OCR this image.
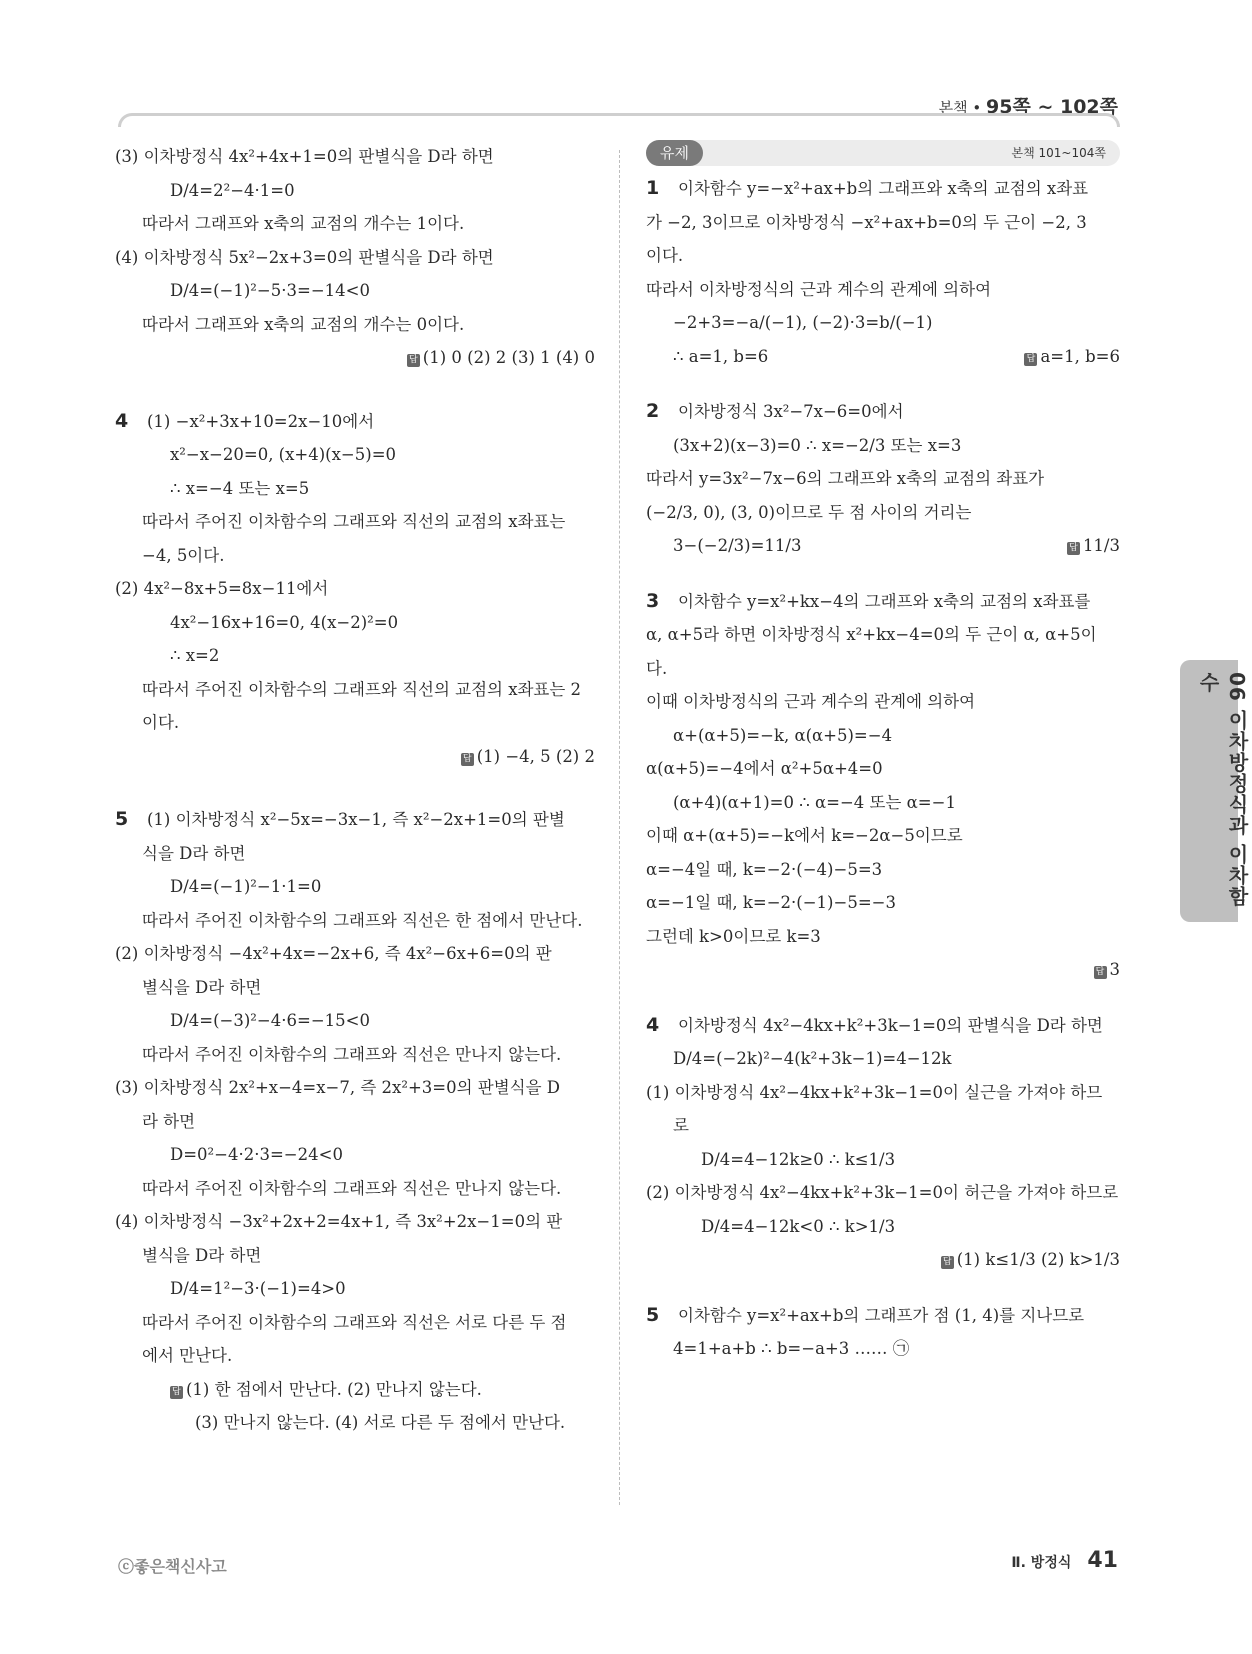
본책 • 95쪽 ~ 102쪽
(3) 이차방정식 4x²+4x+1=0의 판별식을 D라 하면
D/4=2²−4·1=0
따라서 그래프와 x축의 교점의 개수는 1이다.
(4) 이차방정식 5x²−2x+3=0의 판별식을 D라 하면
D/4=(−1)²−5·3=−14<0
따라서 그래프와 x축의 교점의 개수는 0이다.
답 (1) 0 (2) 2 (3) 1 (4) 0
4 (1) −x²+3x+10=2x−10에서
x²−x−20=0, (x+4)(x−5)=0
∴ x=−4 또는 x=5
따라서 주어진 이차함수의 그래프와 직선의 교점의 x좌표는
−4, 5이다.
(2) 4x²−8x+5=8x−11에서
4x²−16x+16=0, 4(x−2)²=0
∴ x=2
따라서 주어진 이차함수의 그래프와 직선의 교점의 x좌표는 2
이다.
답 (1) −4, 5 (2) 2
5 (1) 이차방정식 x²−5x=−3x−1, 즉 x²−2x+1=0의 판별
식을 D라 하면
D/4=(−1)²−1·1=0
따라서 주어진 이차함수의 그래프와 직선은 한 점에서 만난다.
(2) 이차방정식 −4x²+4x=−2x+6, 즉 4x²−6x+6=0의 판
별식을 D라 하면
D/4=(−3)²−4·6=−15<0
따라서 주어진 이차함수의 그래프와 직선은 만나지 않는다.
(3) 이차방정식 2x²+x−4=x−7, 즉 2x²+3=0의 판별식을 D
라 하면
D=0²−4·2·3=−24<0
따라서 주어진 이차함수의 그래프와 직선은 만나지 않는다.
(4) 이차방정식 −3x²+2x+2=4x+1, 즉 3x²+2x−1=0의 판
별식을 D라 하면
D/4=1²−3·(−1)=4>0
따라서 주어진 이차함수의 그래프와 직선은 서로 다른 두 점
에서 만난다.
답 (1) 한 점에서 만난다. (2) 만나지 않는다.
(3) 만나지 않는다. (4) 서로 다른 두 점에서 만난다.
유제	본책 101~104쪽
1 이차함수 y=−x²+ax+b의 그래프와 x축의 교점의 x좌표
가 −2, 3이므로 이차방정식 −x²+ax+b=0의 두 근이 −2, 3
이다.
따라서 이차방정식의 근과 계수의 관계에 의하여
−2+3=−a/(−1), (−2)·3=b/(−1)
∴ a=1, b=6	답 a=1, b=6
2 이차방정식 3x²−7x−6=0에서
(3x+2)(x−3)=0 ∴ x=−2/3 또는 x=3
따라서 y=3x²−7x−6의 그래프와 x축의 교점의 좌표가
(−2/3, 0), (3, 0)이므로 두 점 사이의 거리는
3−(−2/3)=11/3	답 11/3
3 이차함수 y=x²+kx−4의 그래프와 x축의 교점의 x좌표를
α, α+5라 하면 이차방정식 x²+kx−4=0의 두 근이 α, α+5이
다.
이때 이차방정식의 근과 계수의 관계에 의하여
α+(α+5)=−k, α(α+5)=−4
α(α+5)=−4에서 α²+5α+4=0
(α+4)(α+1)=0 ∴ α=−4 또는 α=−1
이때 α+(α+5)=−k에서 k=−2α−5이므로
α=−4일 때, k=−2·(−4)−5=3
α=−1일 때, k=−2·(−1)−5=−3
그런데 k>0이므로 k=3
답 3
4 이차방정식 4x²−4kx+k²+3k−1=0의 판별식을 D라 하면
D/4=(−2k)²−4(k²+3k−1)=4−12k
(1) 이차방정식 4x²−4kx+k²+3k−1=0이 실근을 가져야 하므
로
D/4=4−12k≥0 ∴ k≤1/3
(2) 이차방정식 4x²−4kx+k²+3k−1=0이 허근을 가져야 하므로
D/4=4−12k<0 ∴ k>1/3
답 (1) k≤1/3 (2) k>1/3
5 이차함수 y=x²+ax+b의 그래프가 점 (1, 4)를 지나므로
4=1+a+b ∴ b=−a+3 …… ㉠
06 이차방정식과 이차함수
ⓒ좋은책신사고	Ⅱ. 방정식 41
